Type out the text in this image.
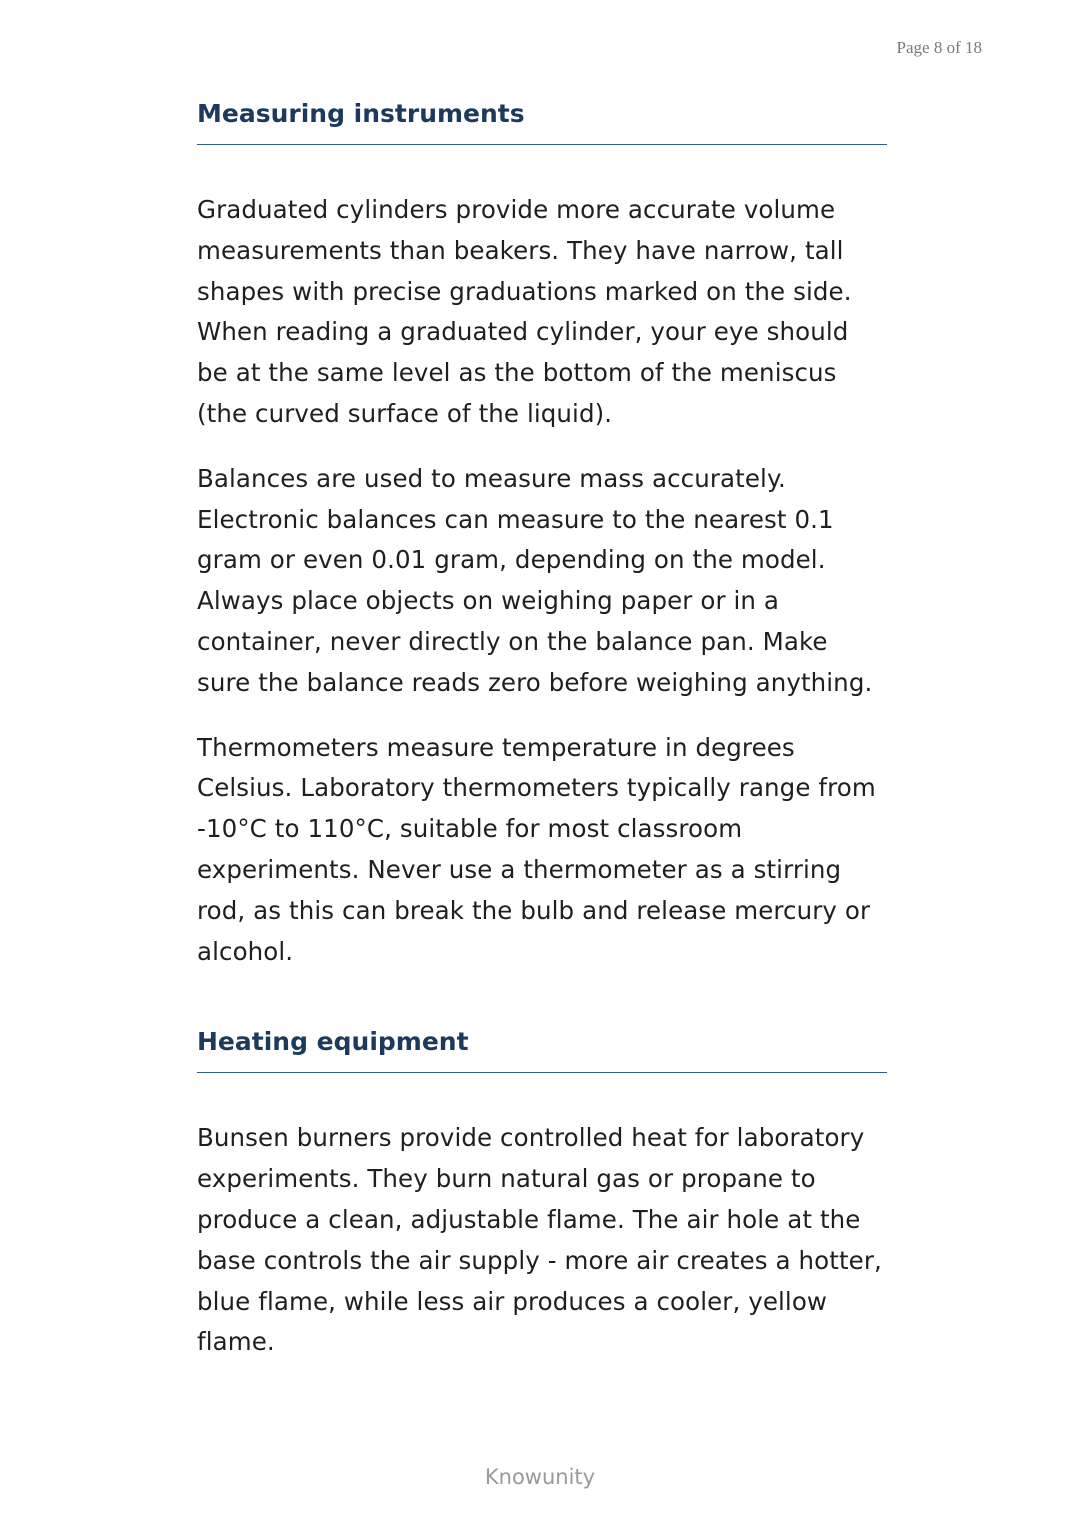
Page 8 of 18
Measuring instruments

Graduated cylinders provide more accurate volume measurements than beakers. They have narrow, tall shapes with precise graduations marked on the side. When reading a graduated cylinder, your eye should be at the same level as the bottom of the meniscus (the curved surface of the liquid).

Balances are used to measure mass accurately. Electronic balances can measure to the nearest 0.1 gram or even 0.01 gram, depending on the model. Always place objects on weighing paper or in a container, never directly on the balance pan. Make sure the balance reads zero before weighing anything.

Thermometers measure temperature in degrees Celsius. Laboratory thermometers typically range from -10°C to 110°C, suitable for most classroom experiments. Never use a thermometer as a stirring rod, as this can break the bulb and release mercury or alcohol.

Heating equipment

Bunsen burners provide controlled heat for laboratory experiments. They burn natural gas or propane to produce a clean, adjustable flame. The air hole at the base controls the air supply - more air creates a hotter, blue flame, while less air produces a cooler, yellow flame.

Knowunity
